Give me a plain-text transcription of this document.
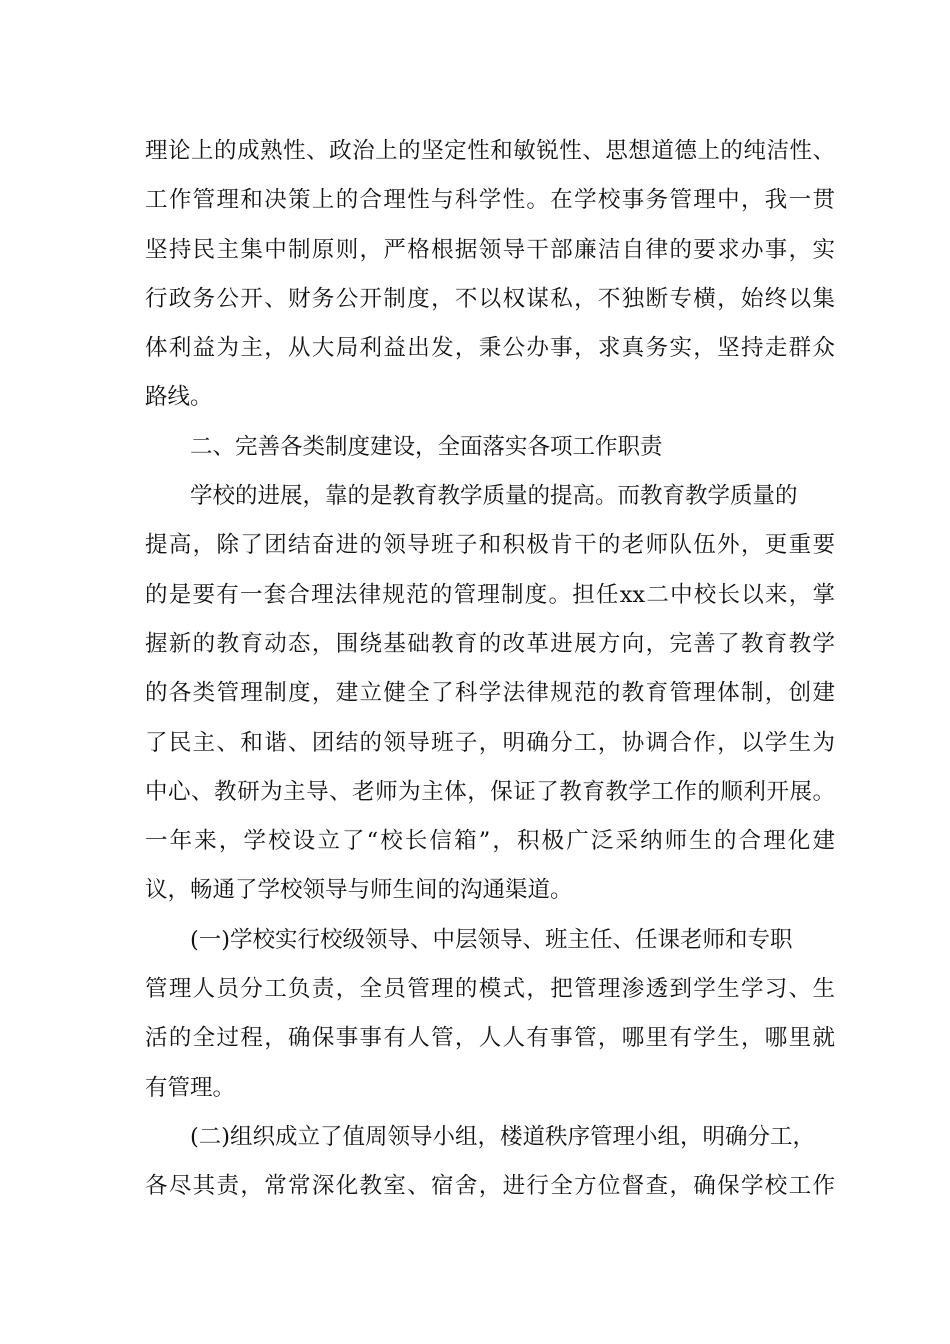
理论上的成熟性、政治上的坚定性和敏锐性、思想道德上的纯洁性、
工作管理和决策上的合理性与科学性。在学校事务管理中，我一贯
坚持民主集中制原则，严格根据领导干部廉洁自律的要求办事，实
行政务公开、财务公开制度，不以权谋私，不独断专横，始终以集
体利益为主，从大局利益出发，秉公办事，求真务实，坚持走群众
路线。
二、完善各类制度建设，全面落实各项工作职责
学校的进展，靠的是教育教学质量的提高。而教育教学质量的
提高，除了团结奋进的领导班子和积极肯干的老师队伍外，更重要
的是要有一套合理法律规范的管理制度。担任xx二中校长以来，掌
握新的教育动态，围绕基础教育的改革进展方向，完善了教育教学
的各类管理制度，建立健全了科学法律规范的教育管理体制，创建
了民主、和谐、团结的领导班子，明确分工，协调合作，以学生为
中心、教研为主导、老师为主体，保证了教育教学工作的顺利开展。
一年来，学校设立了“校长信箱”，积极广泛采纳师生的合理化建
议，畅通了学校领导与师生间的沟通渠道。
(一)学校实行校级领导、中层领导、班主任、任课老师和专职
管理人员分工负责，全员管理的模式，把管理渗透到学生学习、生
活的全过程，确保事事有人管，人人有事管，哪里有学生，哪里就
有管理。
(二)组织成立了值周领导小组，楼道秩序管理小组，明确分工，
各尽其责，常常深化教室、宿舍，进行全方位督查，确保学校工作
